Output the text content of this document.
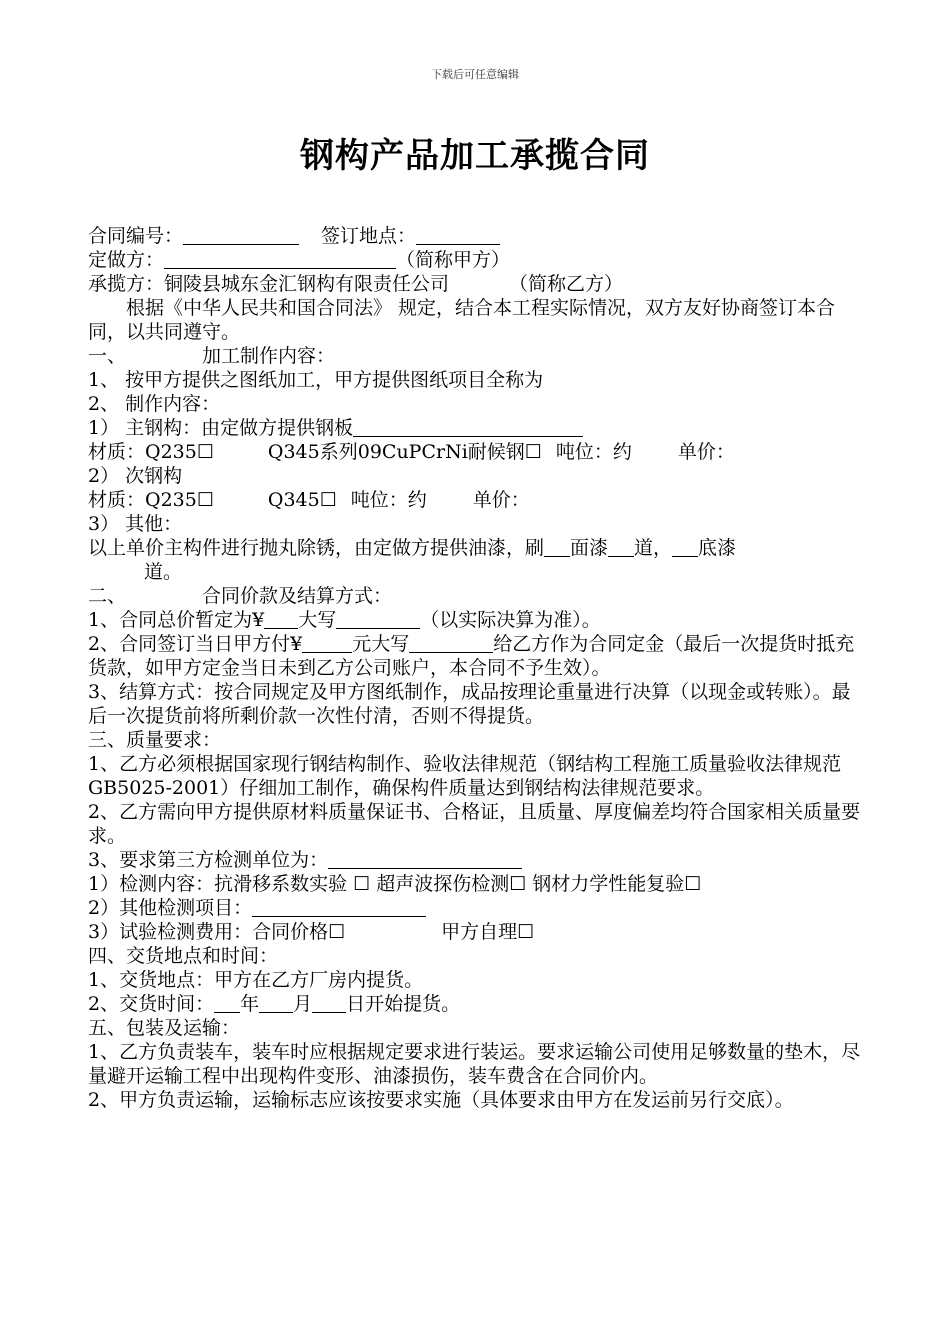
下载后可任意编辑
钢构产品加工承揽合同
合同编号：	签订地点：
定做方：	（简称甲方）
承揽方：铜陵县城东金汇钢构有限责任公司	（简称乙方）
根据《中华人民共和国合同法》 规定，结合本工程实际情况，双方友好协商签订本合同，以共同遵守。
一、	加工制作内容：
1、 按甲方提供之图纸加工，甲方提供图纸项目全称为
2、 制作内容：
1） 主钢构：由定做方提供钢板
材质：Q235☐	Q345系列09CuPCrNi耐候钢☐ 吨位：约 单价：
2） 次钢构
材质：Q235☐	Q345☐ 吨位：约 单价：
3） 其他：
以上单价主构件进行抛丸除锈，由定做方提供油漆，刷 面漆 道， 底漆
道。
二、	合同价款及结算方式：
1、合同总价暂定为¥ 大写	（以实际决算为准）。
2、合同签订当日甲方付¥	元大写	给乙方作为合同定金（最后一次提货时抵充货款，如甲方定金当日未到乙方公司账户，本合同不予生效）。
3、结算方式：按合同规定及甲方图纸制作，成品按理论重量进行决算（以现金或转账）。最后一次提货前将所剩价款一次性付清，否则不得提货。
三、质量要求：
1、乙方必须根据国家现行钢结构制作、验收法律规范（钢结构工程施工质量验收法律规范GB5025-2001）仔细加工制作，确保构件质量达到钢结构法律规范要求。
2、乙方需向甲方提供原材料质量保证书、合格证，且质量、厚度偏差均符合国家相关质量要求。
3、要求第三方检测单位为：
1）检测内容：抗滑移系数实验 ☐ 超声波探伤检测☐ 钢材力学性能复验☐
2）其他检测项目：
3）试验检测费用：合同价格☐	甲方自理☐
四、交货地点和时间：
1、交货地点：甲方在乙方厂房内提货。
2、交货时间： 年 月 日开始提货。
五、包装及运输：
1、乙方负责装车，装车时应根据规定要求进行装运。要求运输公司使用足够数量的垫木，尽量避开运输工程中出现构件变形、油漆损伤，装车费含在合同价内。
2、甲方负责运输，运输标志应该按要求实施（具体要求由甲方在发运前另行交底）。
